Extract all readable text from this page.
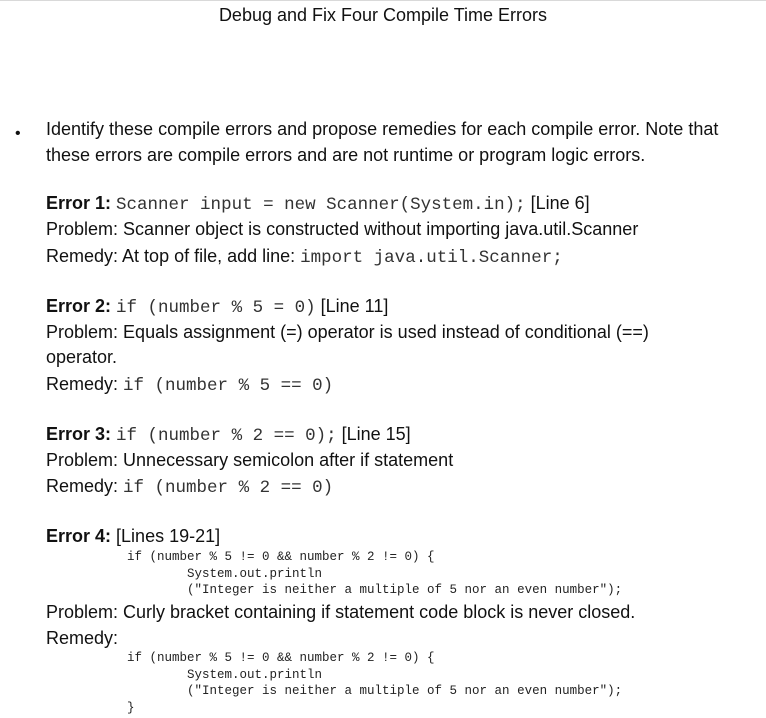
Debug and Fix Four Compile Time Errors
• Identify these compile errors and propose remedies for each compile error. Note that these errors are compile errors and are not runtime or program logic errors.
Error 1: Scanner input = new Scanner(System.in); [Line 6]
Problem: Scanner object is constructed without importing java.util.Scanner
Remedy: At top of file, add line: import java.util.Scanner;
Error 2: if (number % 5 = 0) [Line 11]
Problem: Equals assignment (=) operator is used instead of conditional (==)
operator.
Remedy: if (number % 5 == 0)
Error 3: if (number % 2 == 0); [Line 15]
Problem: Unnecessary semicolon after if statement
Remedy: if (number % 2 == 0)
Error 4: [Lines 19-21]
if (number % 5 != 0 && number % 2 != 0) {
System.out.println
("Integer is neither a multiple of 5 nor an even number");
Problem: Curly bracket containing if statement code block is never closed.
Remedy:
if (number % 5 != 0 && number % 2 != 0) {
System.out.println
("Integer is neither a multiple of 5 nor an even number");
}
